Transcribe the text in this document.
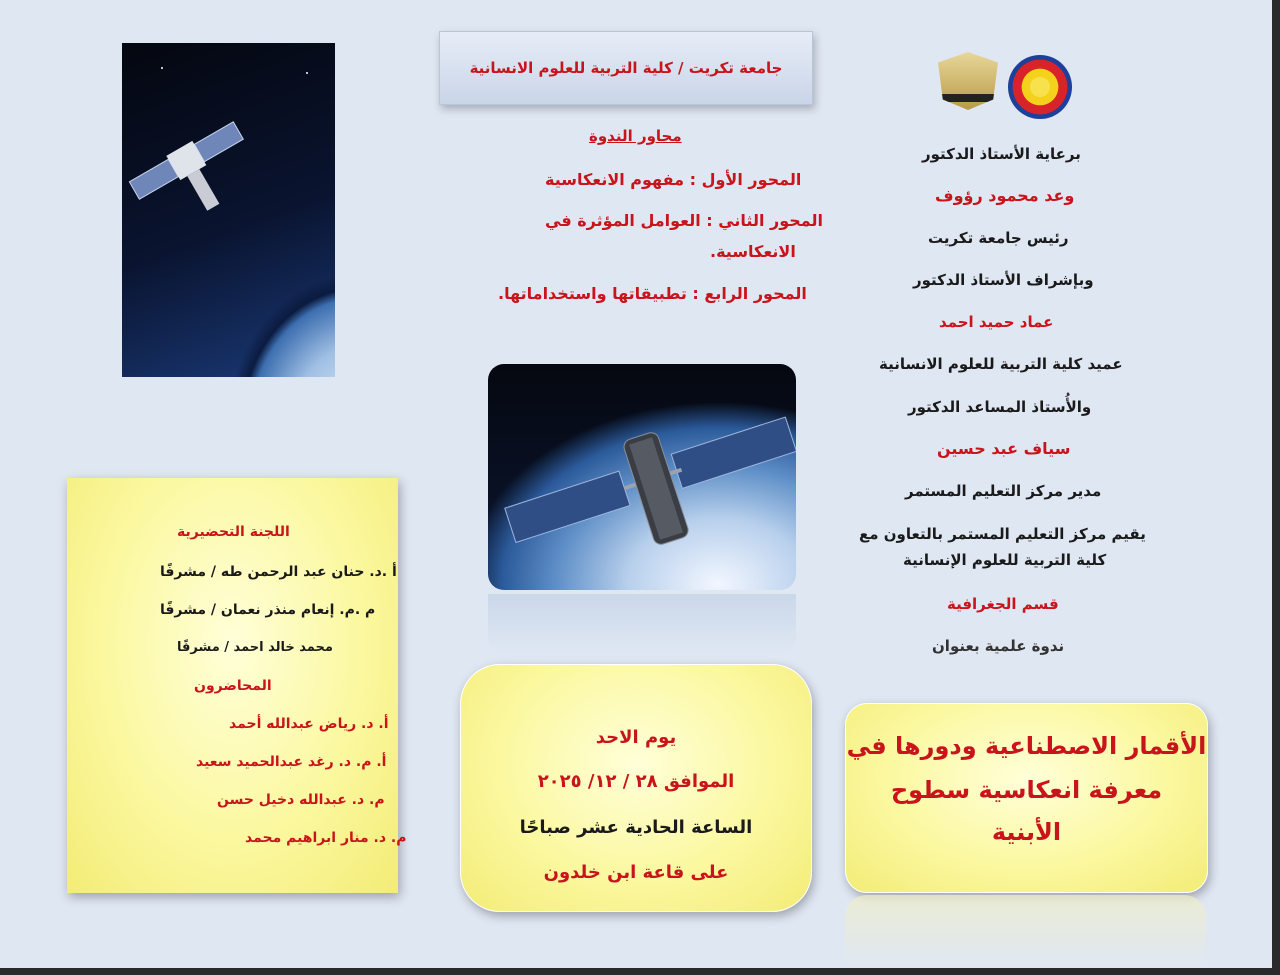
جامعة تكريت / كلية التربية للعلوم الانسانية
محاور الندوة
المحور الأول : مفهوم الانعكاسية
المحور الثاني : العوامل المؤثرة في
الانعكاسية.
المحور الرابع : تطبيقاتها واستخداماتها.
برعاية الأستاذ الدكتور
وعد محمود رؤوف
رئيس جامعة تكريت
وبإشراف الأستاذ الدكتور
عماد حميد احمد
عميد كلية التربية للعلوم الانسانية
والأُستاذ المساعد الدكتور
سياف عبد حسين
مدير مركز التعليم المستمر
يقيم مركز التعليم المستمر بالتعاون مع
كلية التربية للعلوم الإنسانية
قسم الجغرافية
ندوة علمية بعنوان
اللجنة التحضيرية
أ .د. حنان عبد الرحمن طه / مشرفًا
م .م. إنعام منذر نعمان / مشرفًا
محمد خالد احمد / مشرفًا
المحاضرون
أ. د. رياض عبدالله أحمد
أ. م. د. رغد عبدالحميد سعيد
م. د. عبدالله دخيل حسن
م. د. منار ابراهيم محمد
يوم الاحد
الموافق ٢٨ / ١٢/ ٢٠٢٥
الساعة الحادية عشر صباحًا
على قاعة ابن خلدون
الأقمار الاصطناعية ودورها في
معرفة انعكاسية سطوح
الأبنية
